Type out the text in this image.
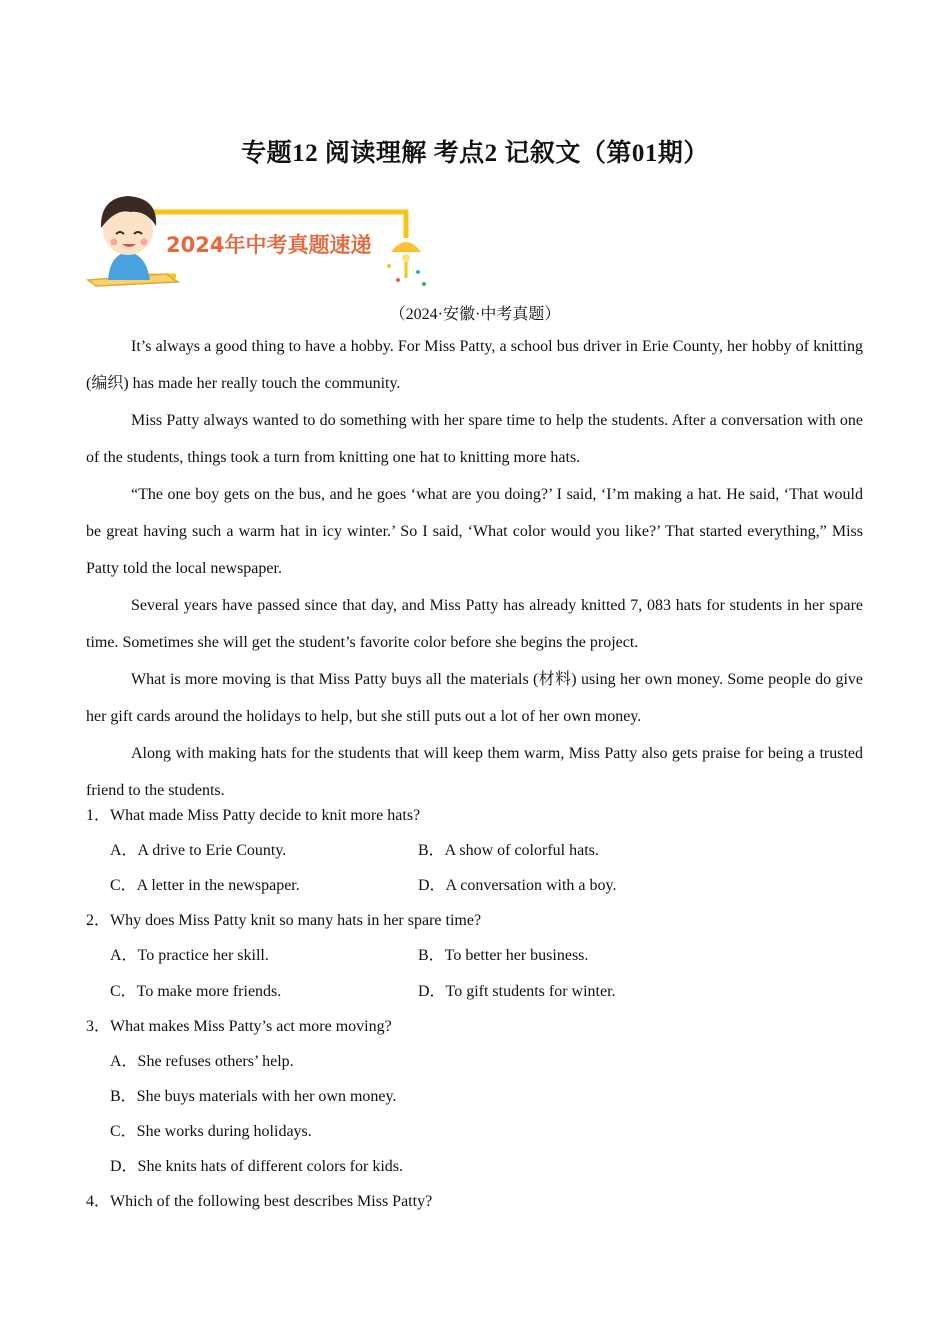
专题12 阅读理解 考点2 记叙文（第01期）
2024年中考真题速递
（2024·安徽·中考真题）

It’s always a good thing to have a hobby. For Miss Patty, a school bus driver in Erie County, her hobby of knitting (编织) has made her really touch the community.

Miss Patty always wanted to do something with her spare time to help the students. After a conversation with one of the students, things took a turn from knitting one hat to knitting more hats.

“The one boy gets on the bus, and he goes ‘what are you doing?’ I said, ‘I’m making a hat. He said, ‘That would be great having such a warm hat in icy winter.’ So I said, ‘What color would you like?’ That started everything,” Miss Patty told the local newspaper.

Several years have passed since that day, and Miss Patty has already knitted 7, 083 hats for students in her spare time. Sometimes she will get the student’s favorite color before she begins the project.

What is more moving is that Miss Patty buys all the materials (材料) using her own money. Some people do give her gift cards around the holidays to help, but she still puts out a lot of her own money.

Along with making hats for the students that will keep them warm, Miss Patty also gets praise for being a trusted friend to the students.

1．What made Miss Patty decide to knit more hats?
A．A drive to Erie County.	B．A show of colorful hats.
C．A letter in the newspaper.	D．A conversation with a boy.
2．Why does Miss Patty knit so many hats in her spare time?
A．To practice her skill.	B．To better her business.
C．To make more friends.	D．To gift students for winter.
3．What makes Miss Patty’s act more moving?
A．She refuses others’ help.
B．She buys materials with her own money.
C．She works during holidays.
D．She knits hats of different colors for kids.
4．Which of the following best describes Miss Patty?
